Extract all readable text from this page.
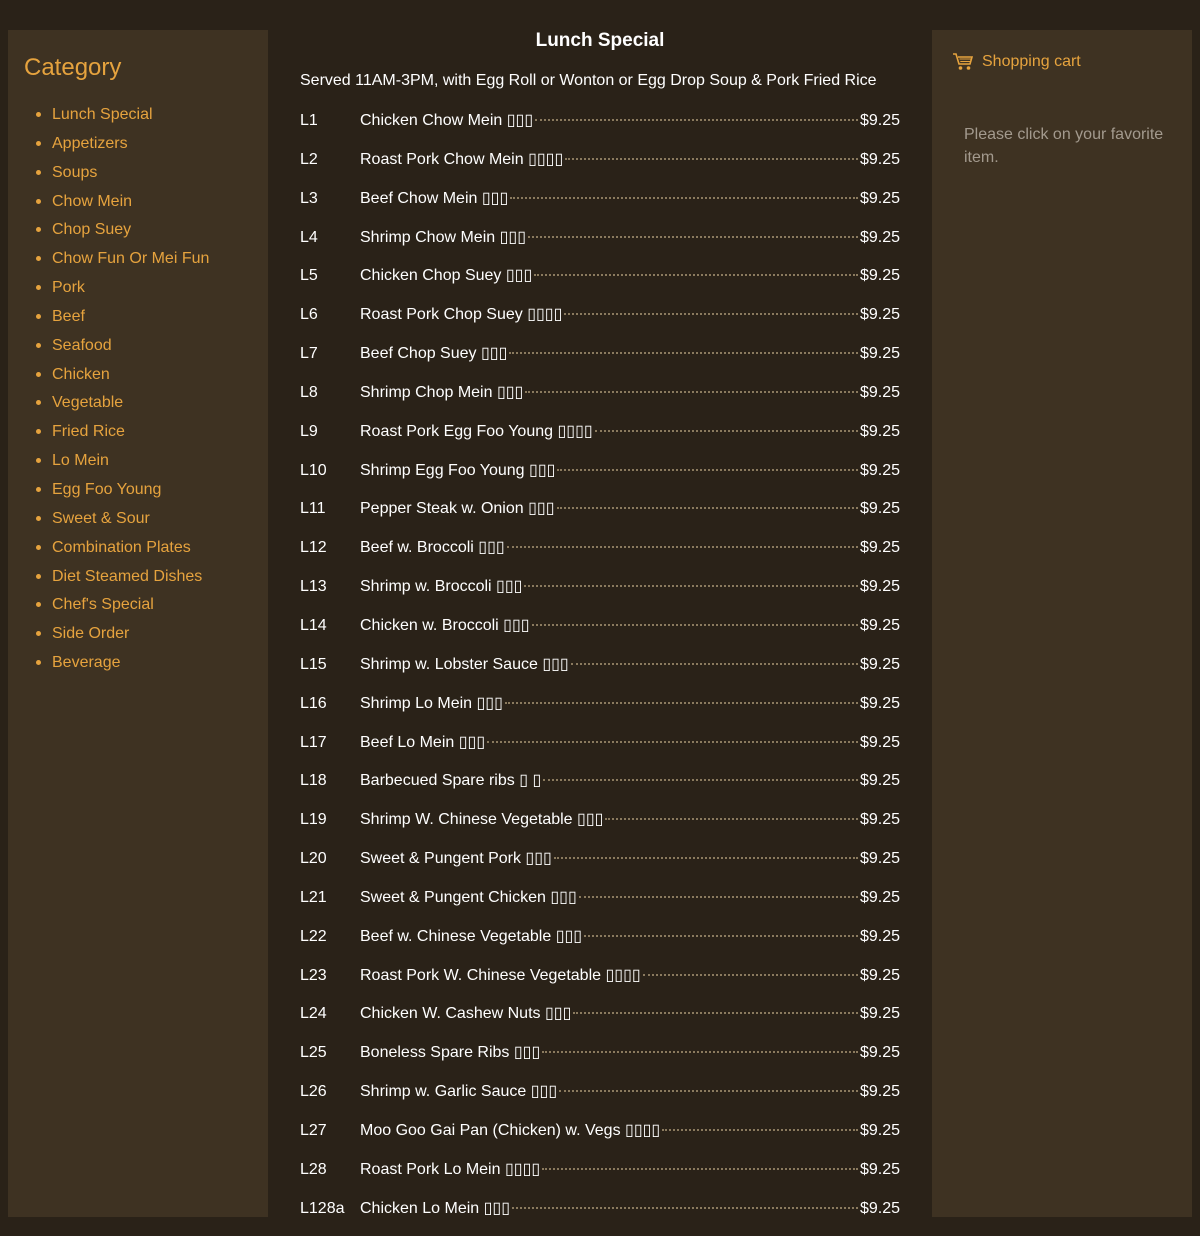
Category
Lunch Special
Appetizers
Soups
Chow Mein
Chop Suey
Chow Fun Or Mei Fun
Pork
Beef
Seafood
Chicken
Vegetable
Fried Rice
Lo Mein
Egg Foo Young
Sweet & Sour
Combination Plates
Diet Steamed Dishes
Chef's Special
Side Order
Beverage
Lunch Special
Served 11AM-3PM, with Egg Roll or Wonton or Egg Drop Soup & Pork Fried Rice
L1	Chicken Chow Mein ▯▯▯	$9.25
L2	Roast Pork Chow Mein ▯▯▯▯	$9.25
L3	Beef Chow Mein ▯▯▯	$9.25
L4	Shrimp Chow Mein ▯▯▯	$9.25
L5	Chicken Chop Suey ▯▯▯	$9.25
L6	Roast Pork Chop Suey ▯▯▯▯	$9.25
L7	Beef Chop Suey ▯▯▯	$9.25
L8	Shrimp Chop Mein ▯▯▯	$9.25
L9	Roast Pork Egg Foo Young ▯▯▯▯	$9.25
L10	Shrimp Egg Foo Young ▯▯▯	$9.25
L11	Pepper Steak w. Onion ▯▯▯	$9.25
L12	Beef w. Broccoli ▯▯▯	$9.25
L13	Shrimp w. Broccoli ▯▯▯	$9.25
L14	Chicken w. Broccoli ▯▯▯	$9.25
L15	Shrimp w. Lobster Sauce ▯▯▯	$9.25
L16	Shrimp Lo Mein ▯▯▯	$9.25
L17	Beef Lo Mein ▯▯▯	$9.25
L18	Barbecued Spare ribs ▯ ▯	$9.25
L19	Shrimp W. Chinese Vegetable ▯▯▯	$9.25
L20	Sweet & Pungent Pork ▯▯▯	$9.25
L21	Sweet & Pungent Chicken ▯▯▯	$9.25
L22	Beef w. Chinese Vegetable ▯▯▯	$9.25
L23	Roast Pork W. Chinese Vegetable ▯▯▯▯	$9.25
L24	Chicken W. Cashew Nuts ▯▯▯	$9.25
L25	Boneless Spare Ribs ▯▯▯	$9.25
L26	Shrimp w. Garlic Sauce ▯▯▯	$9.25
L27	Moo Goo Gai Pan (Chicken) w. Vegs ▯▯▯▯	$9.25
L28	Roast Pork Lo Mein ▯▯▯▯	$9.25
L128a Chicken Lo Mein ▯▯▯	$9.25
Shopping cart
Please click on your favorite item.
